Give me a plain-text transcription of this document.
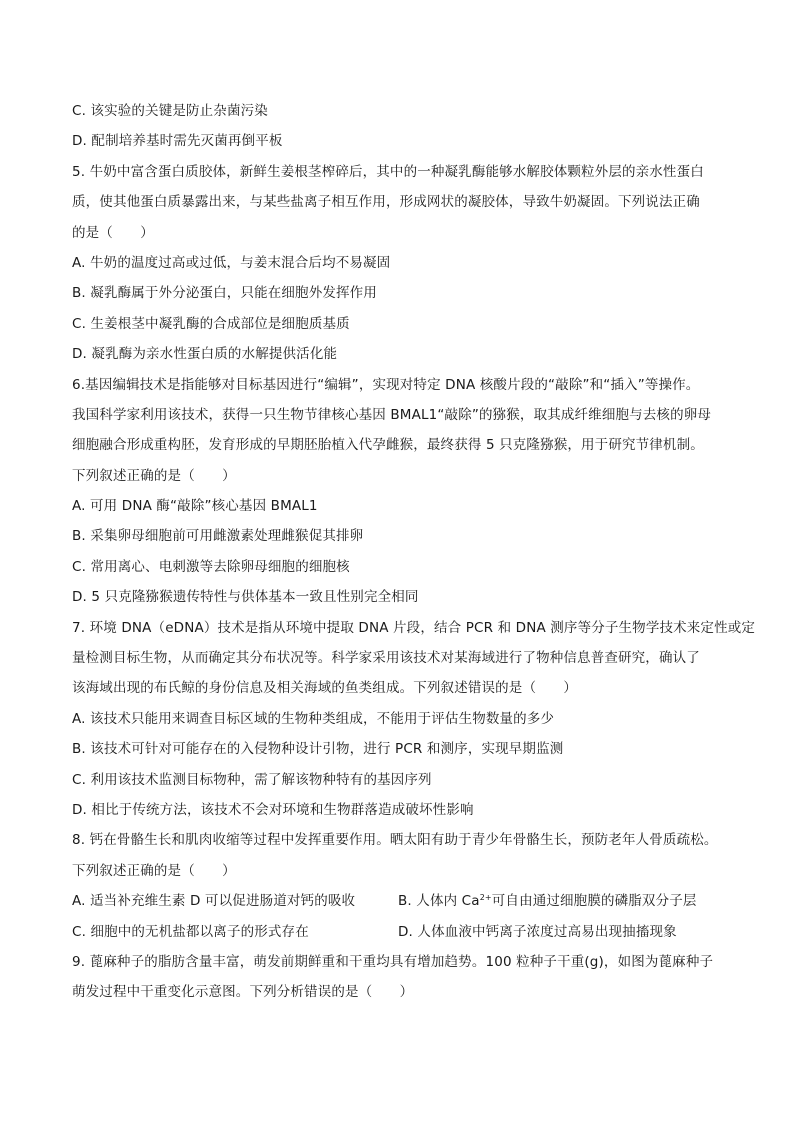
C. 该实验的关键是防止杂菌污染
D. 配制培养基时需先灭菌再倒平板
5. 牛奶中富含蛋白质胶体，新鲜生姜根茎榨碎后，其中的一种凝乳酶能够水解胶体颗粒外层的亲水性蛋白
质，使其他蛋白质暴露出来，与某些盐离子相互作用，形成网状的凝胶体，导致牛奶凝固。下列说法正确
的是（　　）
A. 牛奶的温度过高或过低，与姜末混合后均不易凝固
B. 凝乳酶属于外分泌蛋白，只能在细胞外发挥作用
C. 生姜根茎中凝乳酶的合成部位是细胞质基质
D. 凝乳酶为亲水性蛋白质的水解提供活化能
6.基因编辑技术是指能够对目标基因进行“编辑”，实现对特定 DNA 核酸片段的“敲除”和“插入”等操作。
我国科学家利用该技术，获得一只生物节律核心基因 BMAL1“敲除”的猕猴，取其成纤维细胞与去核的卵母
细胞融合形成重构胚，发育形成的早期胚胎植入代孕雌猴，最终获得 5 只克隆猕猴，用于研究节律机制。
下列叙述正确的是（　　）
A. 可用 DNA 酶“敲除”核心基因 BMAL1
B. 采集卵母细胞前可用雌激素处理雌猴促其排卵
C. 常用离心、电刺激等去除卵母细胞的细胞核
D. 5 只克隆猕猴遗传特性与供体基本一致且性别完全相同
7. 环境 DNA（eDNA）技术是指从环境中提取 DNA 片段，结合 PCR 和 DNA 测序等分子生物学技术来定性或定
量检测目标生物，从而确定其分布状况等。科学家采用该技术对某海域进行了物种信息普查研究，确认了
该海域出现的布氏鲸的身份信息及相关海域的鱼类组成。下列叙述错误的是（　　）
A. 该技术只能用来调查目标区域的生物种类组成，不能用于评估生物数量的多少
B. 该技术可针对可能存在的入侵物种设计引物，进行 PCR 和测序，实现早期监测
C. 利用该技术监测目标物种，需了解该物种特有的基因序列
D. 相比于传统方法，该技术不会对环境和生物群落造成破坏性影响
8. 钙在骨骼生长和肌肉收缩等过程中发挥重要作用。晒太阳有助于青少年骨骼生长，预防老年人骨质疏松。
下列叙述正确的是（　　）
A. 适当补充维生素 D 可以促进肠道对钙的吸收	B. 人体内 $Ca^{2+}$可自由通过细胞膜的磷脂双分子层
C. 细胞中的无机盐都以离子的形式存在	D. 人体血液中钙离子浓度过高易出现抽搐现象
9. 蓖麻种子的脂肪含量丰富，萌发前期鲜重和干重均具有增加趋势。100 粒种子干重(g)，如图为蓖麻种子
萌发过程中干重变化示意图。下列分析错误的是（　　）
